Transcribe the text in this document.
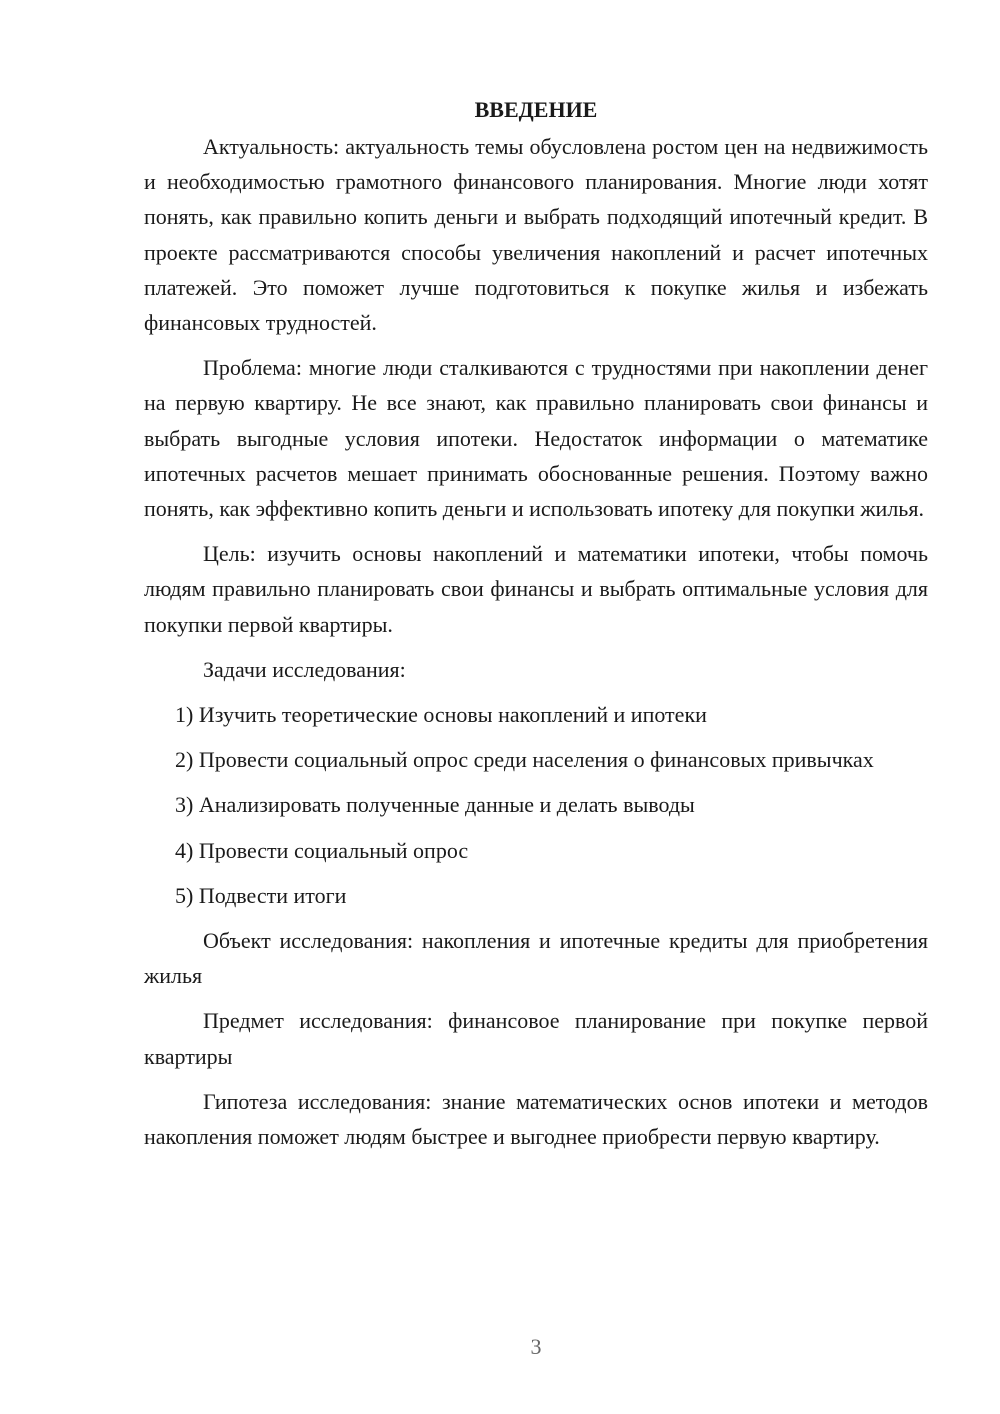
ВВЕДЕНИЕ

Актуальность: актуальность темы обусловлена ростом цен на недвижимость и необходимостью грамотного финансового планирования. Многие люди хотят понять, как правильно копить деньги и выбрать подходящий ипотечный кредит. В проекте рассматриваются способы увеличения накоплений и расчет ипотечных платежей. Это поможет лучше подготовиться к покупке жилья и избежать финансовых трудностей.

Проблема: многие люди сталкиваются с трудностями при накоплении денег на первую квартиру. Не все знают, как правильно планировать свои финансы и выбрать выгодные условия ипотеки. Недостаток информации о математике ипотечных расчетов мешает принимать обоснованные решения. Поэтому важно понять, как эффективно копить деньги и использовать ипотеку для покупки жилья.

Цель: изучить основы накоплений и математики ипотеки, чтобы помочь людям правильно планировать свои финансы и выбрать оптимальные условия для покупки первой квартиры.

Задачи исследования:

1) Изучить теоретические основы накоплений и ипотеки

2) Провести социальный опрос среди населения о финансовых привычках

3) Анализировать полученные данные и делать выводы

4) Провести социальный опрос

5) Подвести итоги

Объект исследования: накопления и ипотечные кредиты для приобретения жилья

Предмет исследования: финансовое планирование при покупке первой квартиры

Гипотеза исследования: знание математических основ ипотеки и методов накопления поможет людям быстрее и выгоднее приобрести первую квартиру.

3
